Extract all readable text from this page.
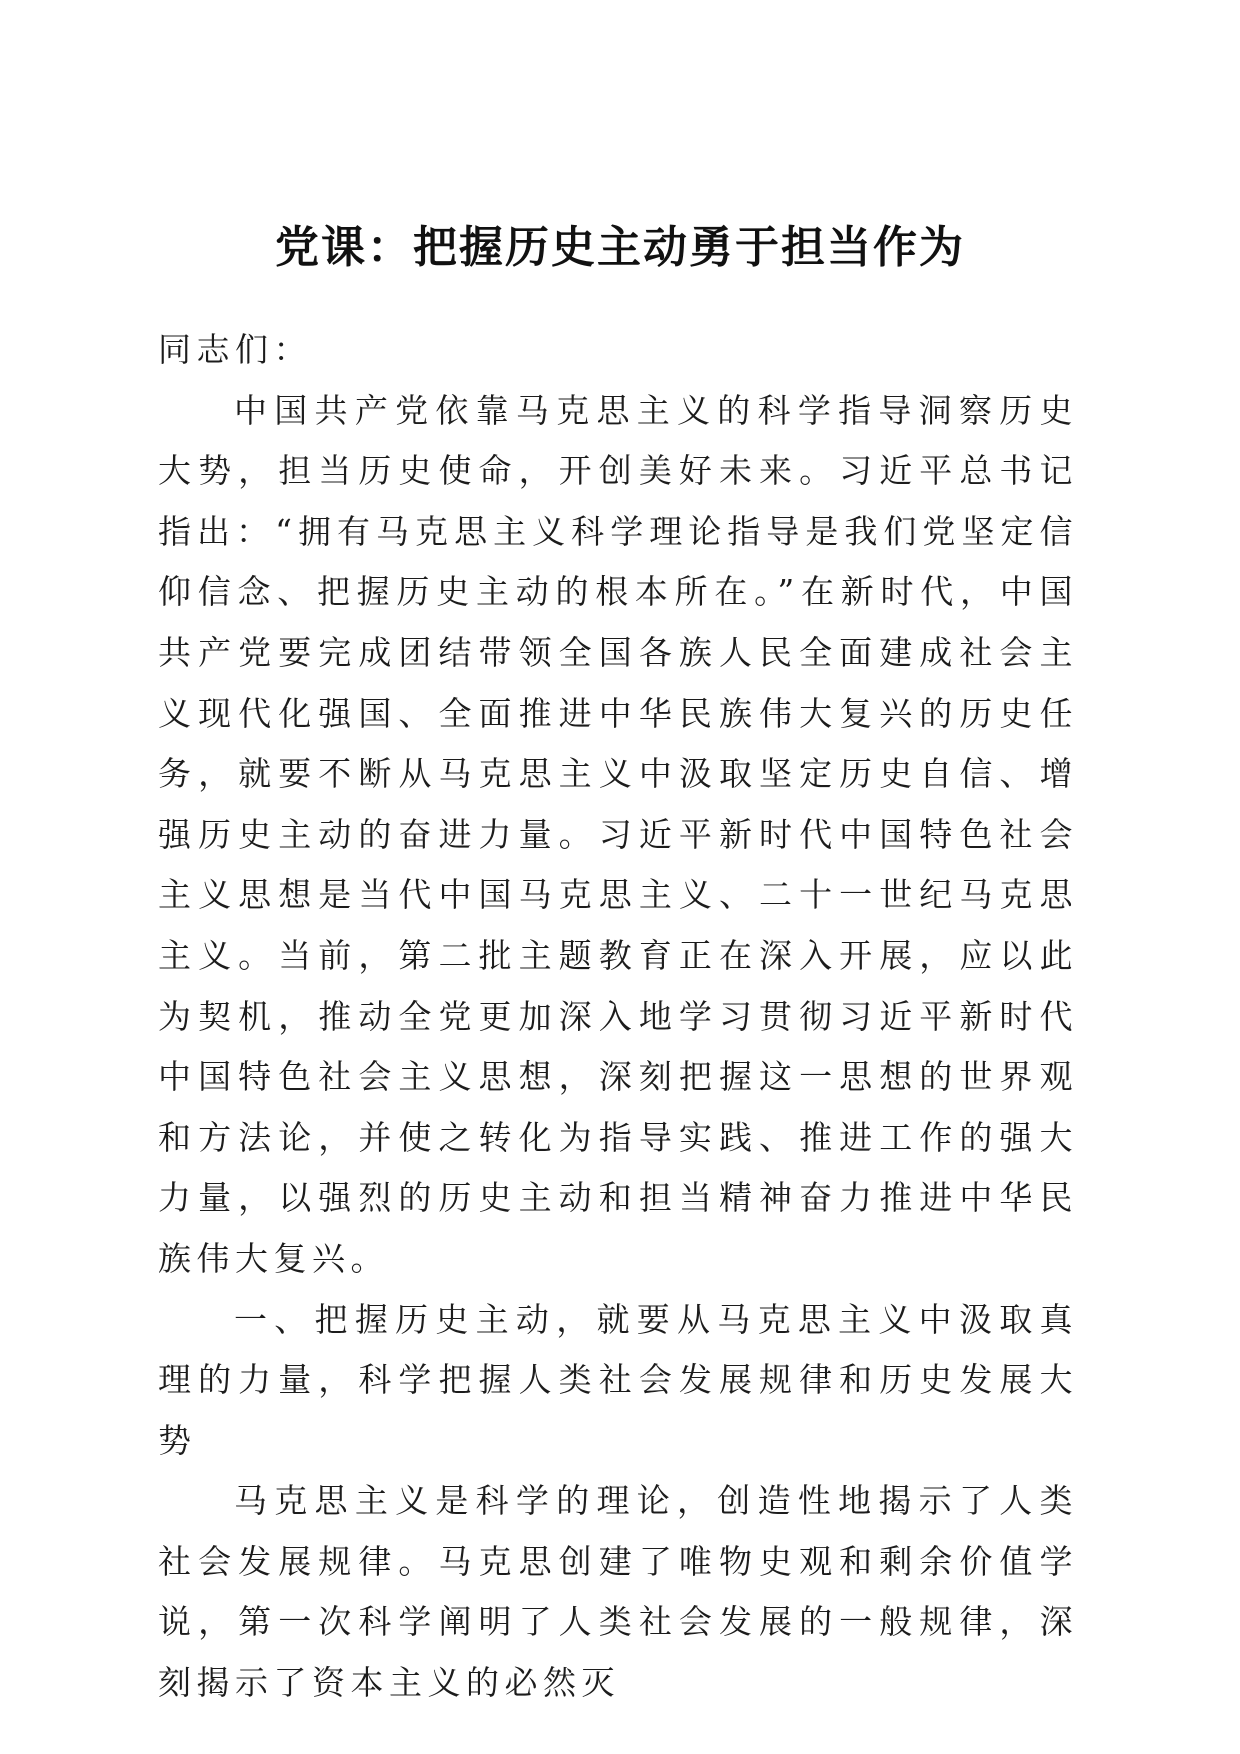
党课：把握历史主动勇于担当作为

同志们：

中国共产党依靠马克思主义的科学指导洞察历史大势，担当历史使命，开创美好未来。习近平总书记指出：“拥有马克思主义科学理论指导是我们党坚定信仰信念、把握历史主动的根本所在。”在新时代，中国共产党要完成团结带领全国各族人民全面建成社会主义现代化强国、全面推进中华民族伟大复兴的历史任务，就要不断从马克思主义中汲取坚定历史自信、增强历史主动的奋进力量。习近平新时代中国特色社会主义思想是当代中国马克思主义、二十一世纪马克思主义。当前，第二批主题教育正在深入开展，应以此为契机，推动全党更加深入地学习贯彻习近平新时代中国特色社会主义思想，深刻把握这一思想的世界观和方法论，并使之转化为指导实践、推进工作的强大力量，以强烈的历史主动和担当精神奋力推进中华民族伟大复兴。

一、把握历史主动，就要从马克思主义中汲取真理的力量，科学把握人类社会发展规律和历史发展大势

马克思主义是科学的理论，创造性地揭示了人类社会发展规律。马克思创建了唯物史观和剩余价值学说，第一次科学阐明了人类社会发展的一般规律，深刻揭示了资本主义的必然灭
